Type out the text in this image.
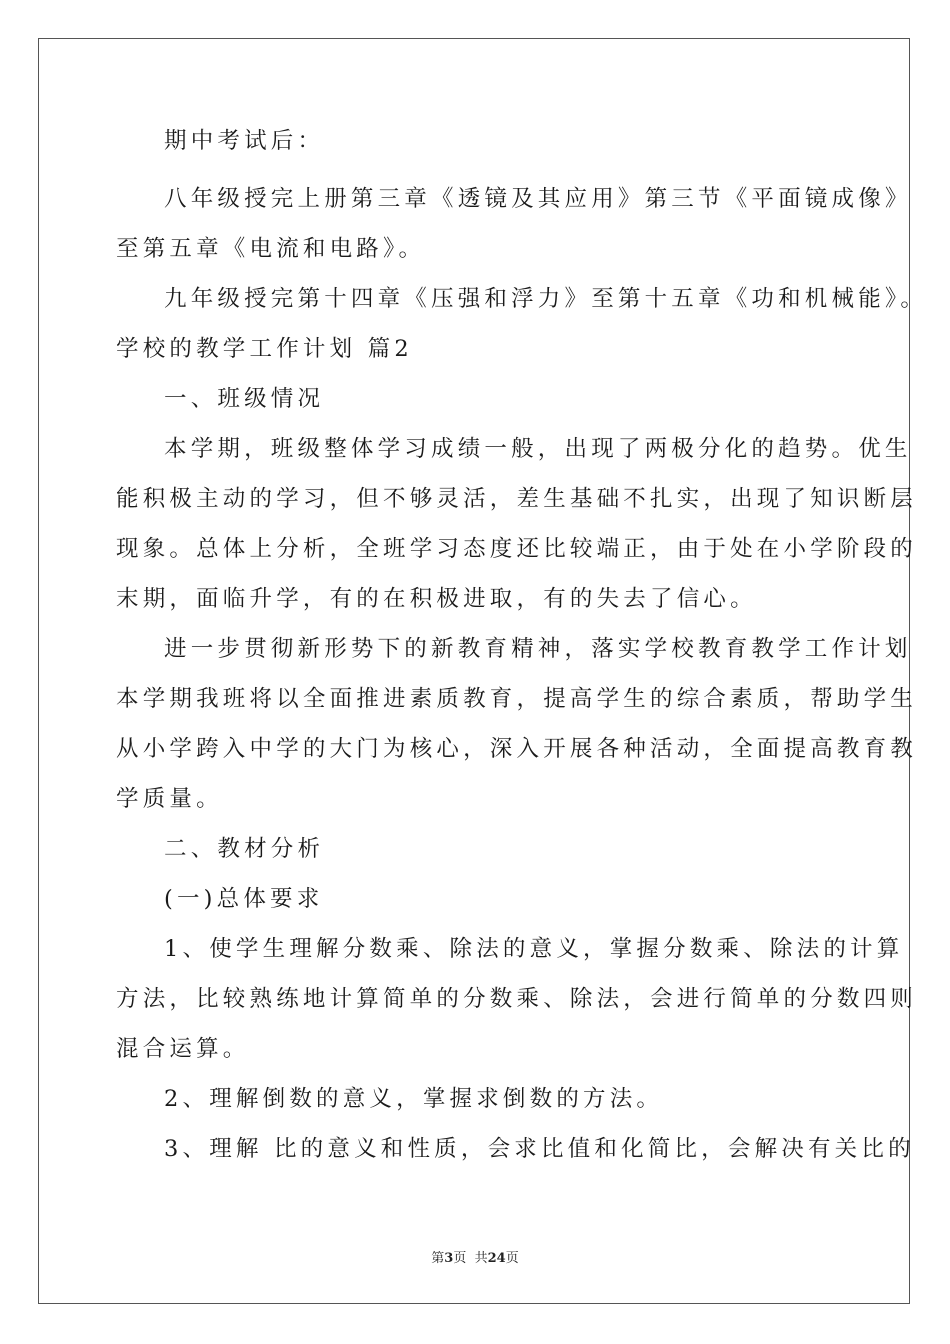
期中考试后：
八年级授完上册第三章《透镜及其应用》第三节《平面镜成像》
至第五章《电流和电路》。
九年级授完第十四章《压强和浮力》至第十五章《功和机械能》。
学校的教学工作计划 篇2
一、班级情况
本学期，班级整体学习成绩一般，出现了两极分化的趋势。优生
能积极主动的学习，但不够灵活，差生基础不扎实，出现了知识断层
现象。总体上分析，全班学习态度还比较端正，由于处在小学阶段的
末期，面临升学，有的在积极进取，有的失去了信心。
进一步贯彻新形势下的新教育精神，落实学校教育教学工作计划
本学期我班将以全面推进素质教育，提高学生的综合素质，帮助学生
从小学跨入中学的大门为核心，深入开展各种活动，全面提高教育教
学质量。
二、教材分析
(一)总体要求
1、使学生理解分数乘、除法的意义，掌握分数乘、除法的计算
方法，比较熟练地计算简单的分数乘、除法，会进行简单的分数四则
混合运算。
2、理解倒数的意义，掌握求倒数的方法。
3、理解 比的意义和性质，会求比值和化简比，会解决有关比的
第3页  共24页
